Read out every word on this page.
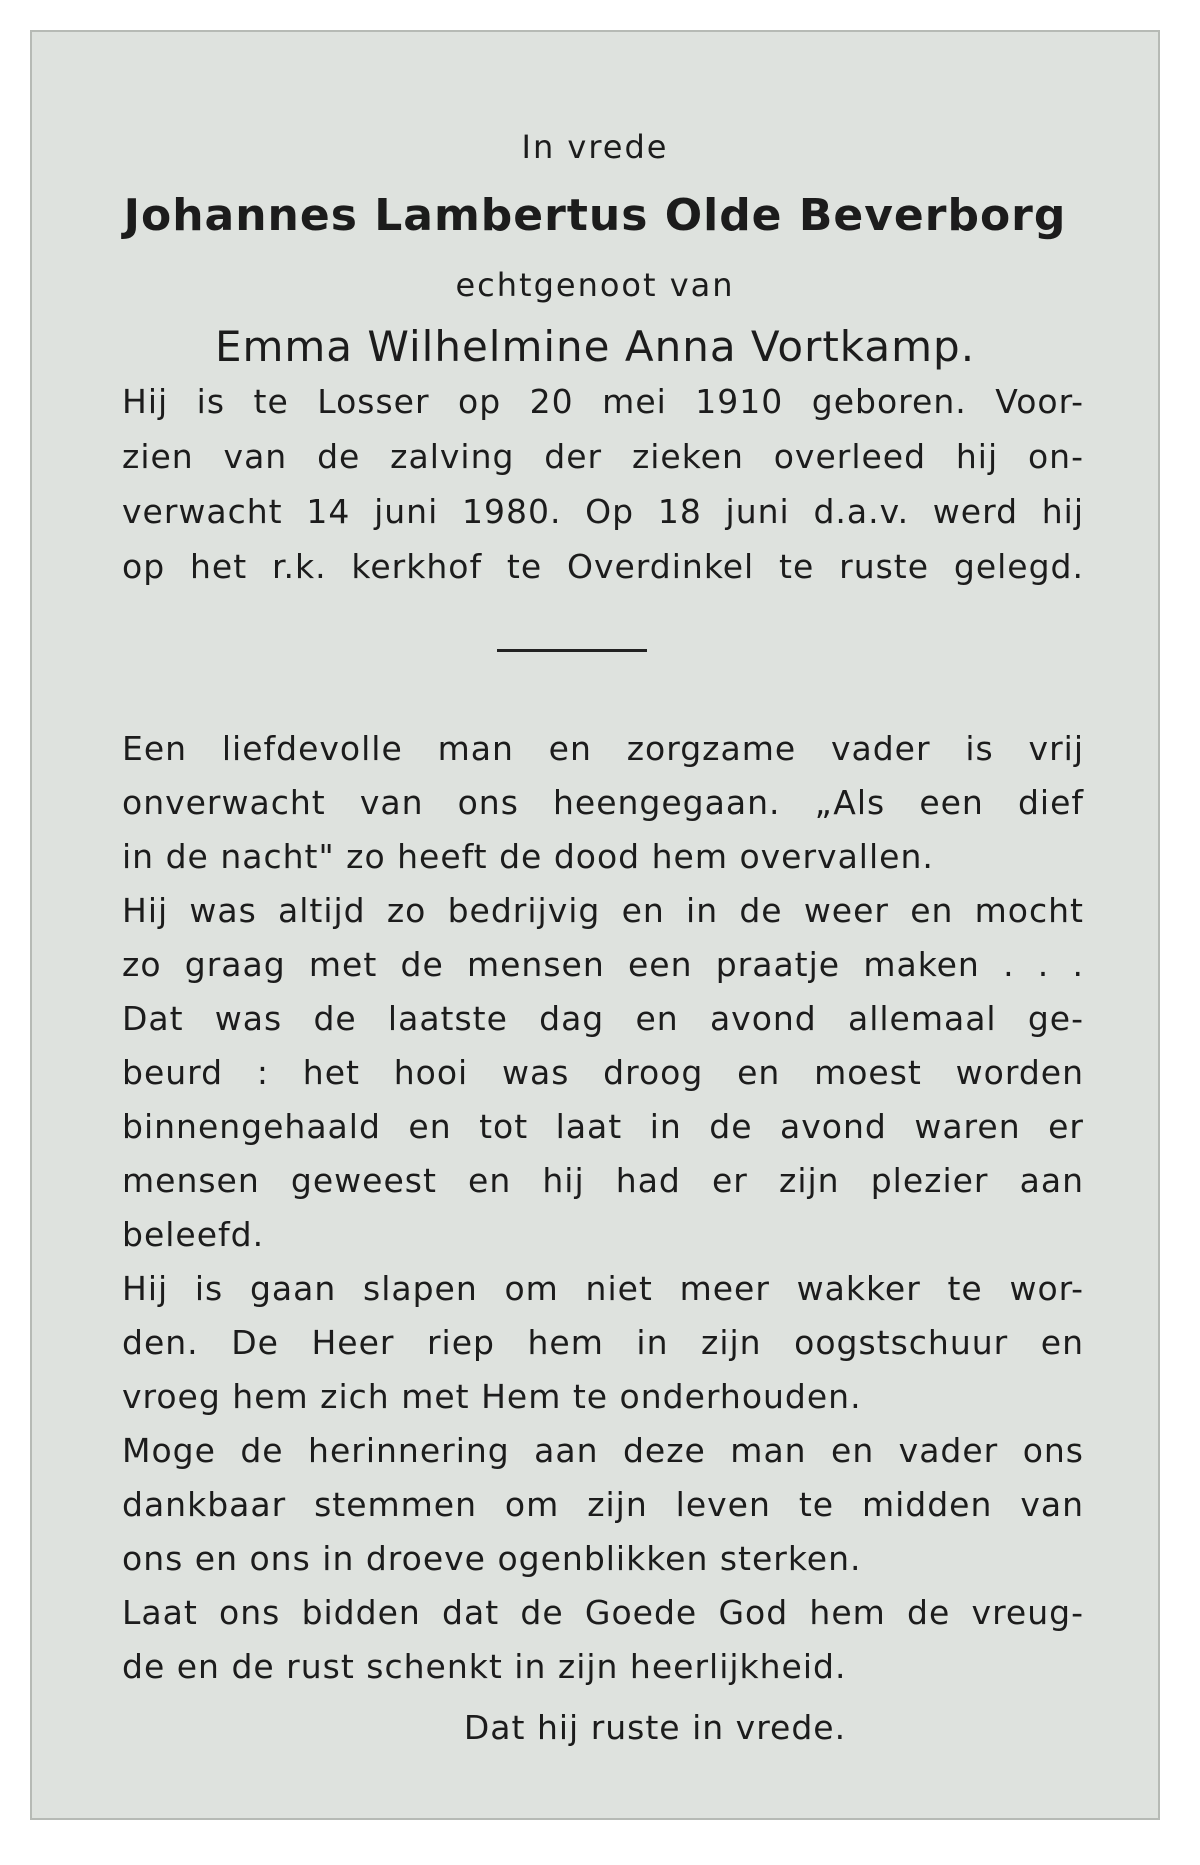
In vrede
Johannes Lambertus Olde Beverborg
echtgenoot van
Emma Wilhelmine Anna Vortkamp.
Hij is te Losser op 20 mei 1910 geboren. Voor-
zien van de zalving der zieken overleed hij on-
verwacht 14 juni 1980. Op 18 juni d.a.v. werd hij
op het r.k. kerkhof te Overdinkel te ruste gelegd.
Een liefdevolle man en zorgzame vader is vrij
onverwacht van ons heengegaan. „Als een dief
in de nacht" zo heeft de dood hem overvallen.
Hij was altijd zo bedrijvig en in de weer en mocht
zo graag met de mensen een praatje maken . . .
Dat was de laatste dag en avond allemaal ge-
beurd : het hooi was droog en moest worden
binnengehaald en tot laat in de avond waren er
mensen geweest en hij had er zijn plezier aan
beleefd.
Hij is gaan slapen om niet meer wakker te wor-
den. De Heer riep hem in zijn oogstschuur en
vroeg hem zich met Hem te onderhouden.
Moge de herinnering aan deze man en vader ons
dankbaar stemmen om zijn leven te midden van
ons en ons in droeve ogenblikken sterken.
Laat ons bidden dat de Goede God hem de vreug-
de en de rust schenkt in zijn heerlijkheid.
Dat hij ruste in vrede.
